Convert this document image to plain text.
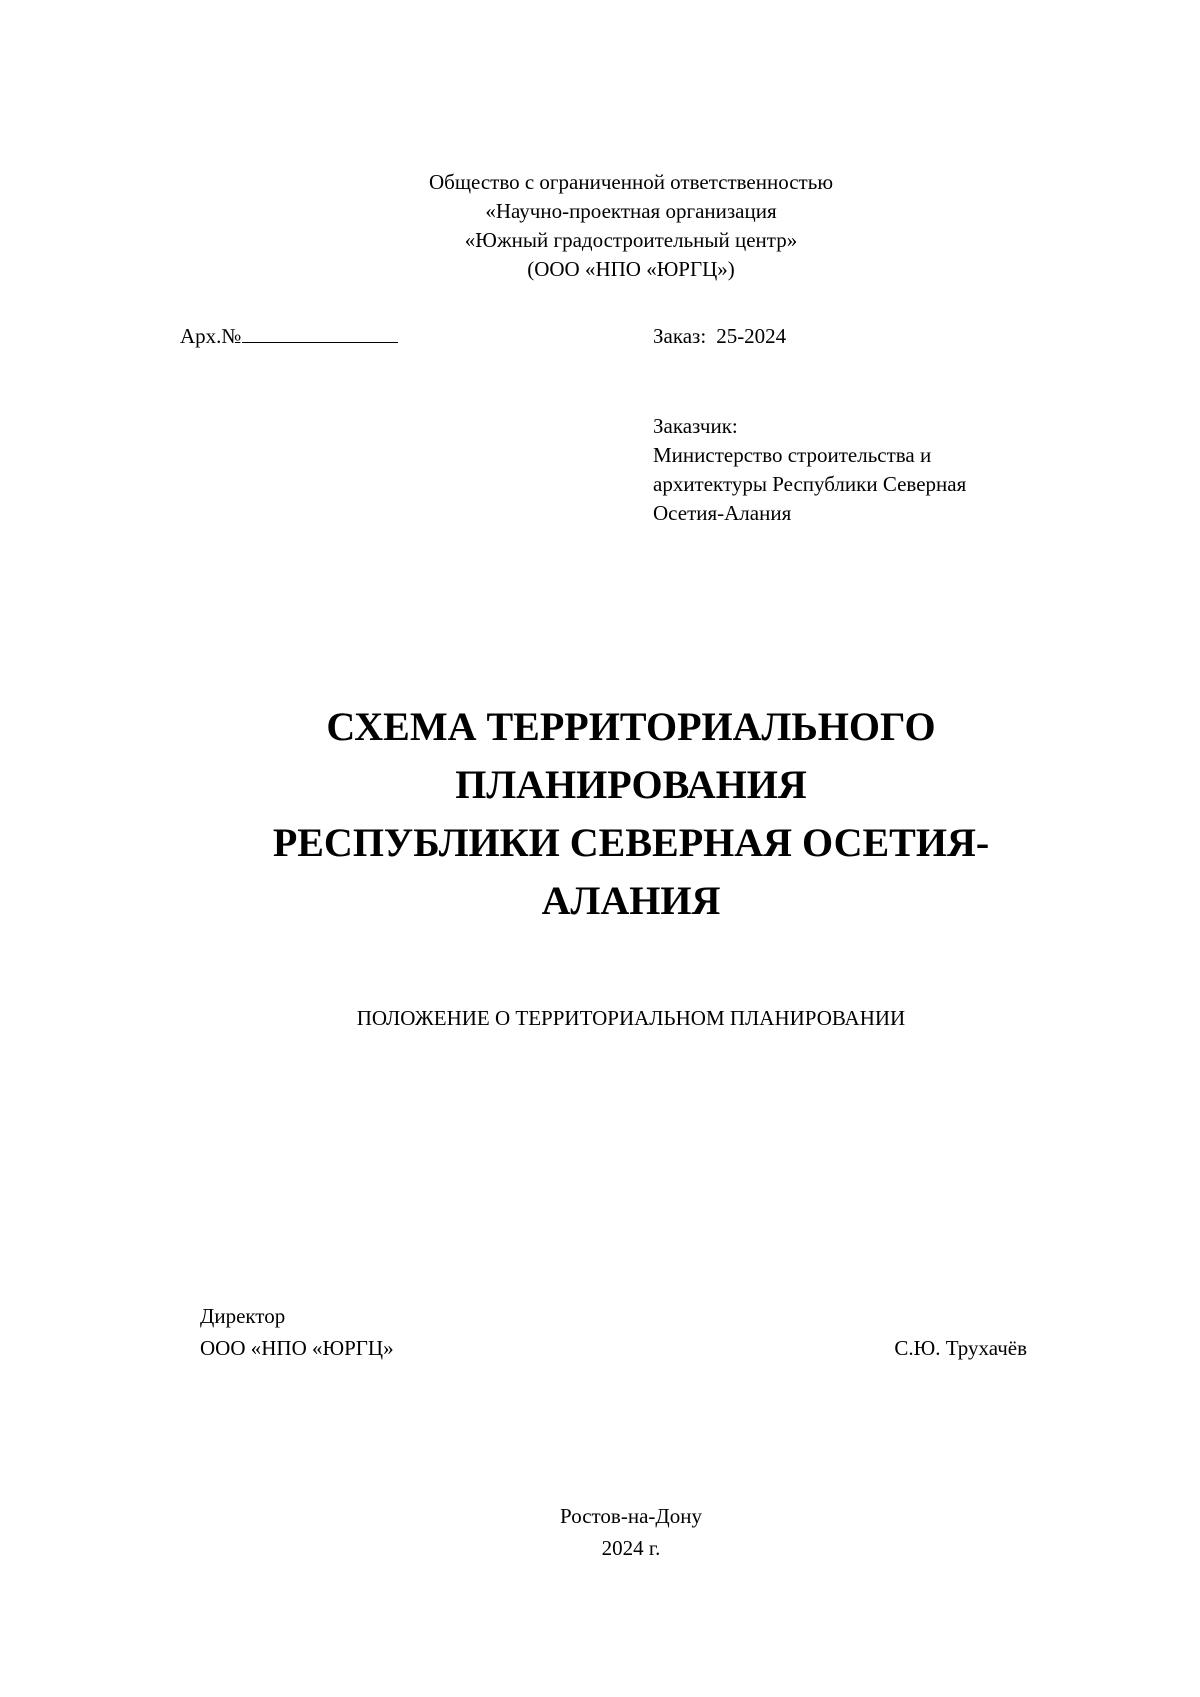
Общество с ограниченной ответственностью
«Научно-проектная организация
«Южный градостроительный центр»
(ООО «НПО «ЮРГЦ»)
Арх.№	Заказ: 25-2024
Заказчик:
Министерство строительства и
архитектуры Республики Северная
Осетия-Алания
СХЕМА ТЕРРИТОРИАЛЬНОГО
ПЛАНИРОВАНИЯ
РЕСПУБЛИКИ СЕВЕРНАЯ ОСЕТИЯ-
АЛАНИЯ
ПОЛОЖЕНИЕ О ТЕРРИТОРИАЛЬНОМ ПЛАНИРОВАНИИ
Директор
ООО «НПО «ЮРГЦ»	С.Ю. Трухачёв
Ростов-на-Дону
2024 г.
